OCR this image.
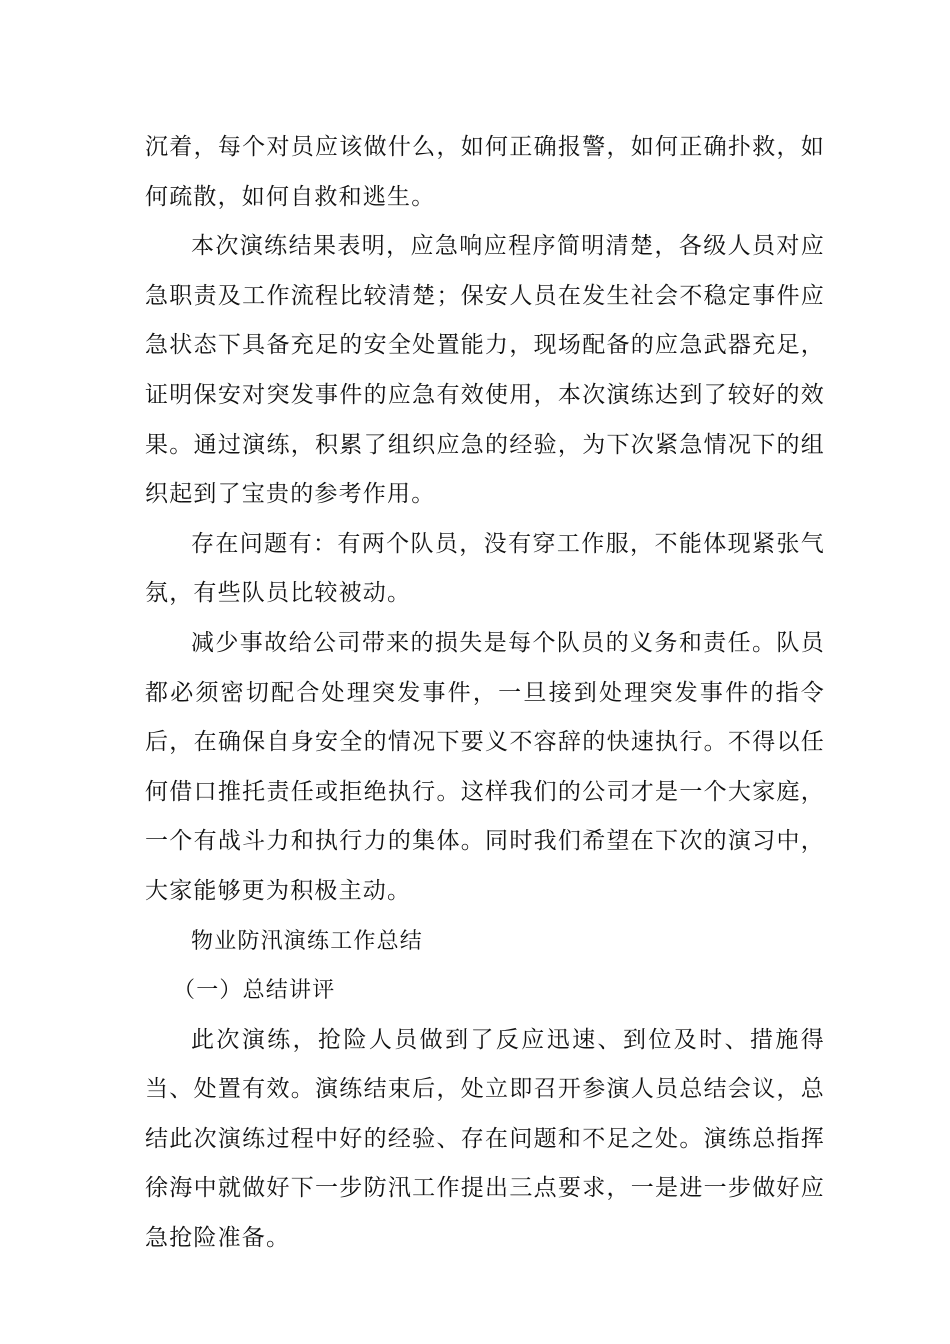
沉着，每个对员应该做什么，如何正确报警，如何正确扑救，如何疏散，如何自救和逃生。

本次演练结果表明，应急响应程序简明清楚，各级人员对应急职责及工作流程比较清楚；保安人员在发生社会不稳定事件应急状态下具备充足的安全处置能力，现场配备的应急武器充足，证明保安对突发事件的应急有效使用，本次演练达到了较好的效果。通过演练，积累了组织应急的经验，为下次紧急情况下的组织起到了宝贵的参考作用。

存在问题有：有两个队员，没有穿工作服，不能体现紧张气氛，有些队员比较被动。

减少事故给公司带来的损失是每个队员的义务和责任。队员都必须密切配合处理突发事件，一旦接到处理突发事件的指令后，在确保自身安全的情况下要义不容辞的快速执行。不得以任何借口推托责任或拒绝执行。这样我们的公司才是一个大家庭，一个有战斗力和执行力的集体。同时我们希望在下次的演习中，大家能够更为积极主动。

物业防汛演练工作总结

（一）总结讲评

此次演练，抢险人员做到了反应迅速、到位及时、措施得当、处置有效。演练结束后，处立即召开参演人员总结会议，总结此次演练过程中好的经验、存在问题和不足之处。演练总指挥徐海中就做好下一步防汛工作提出三点要求，一是进一步做好应急抢险准备。
